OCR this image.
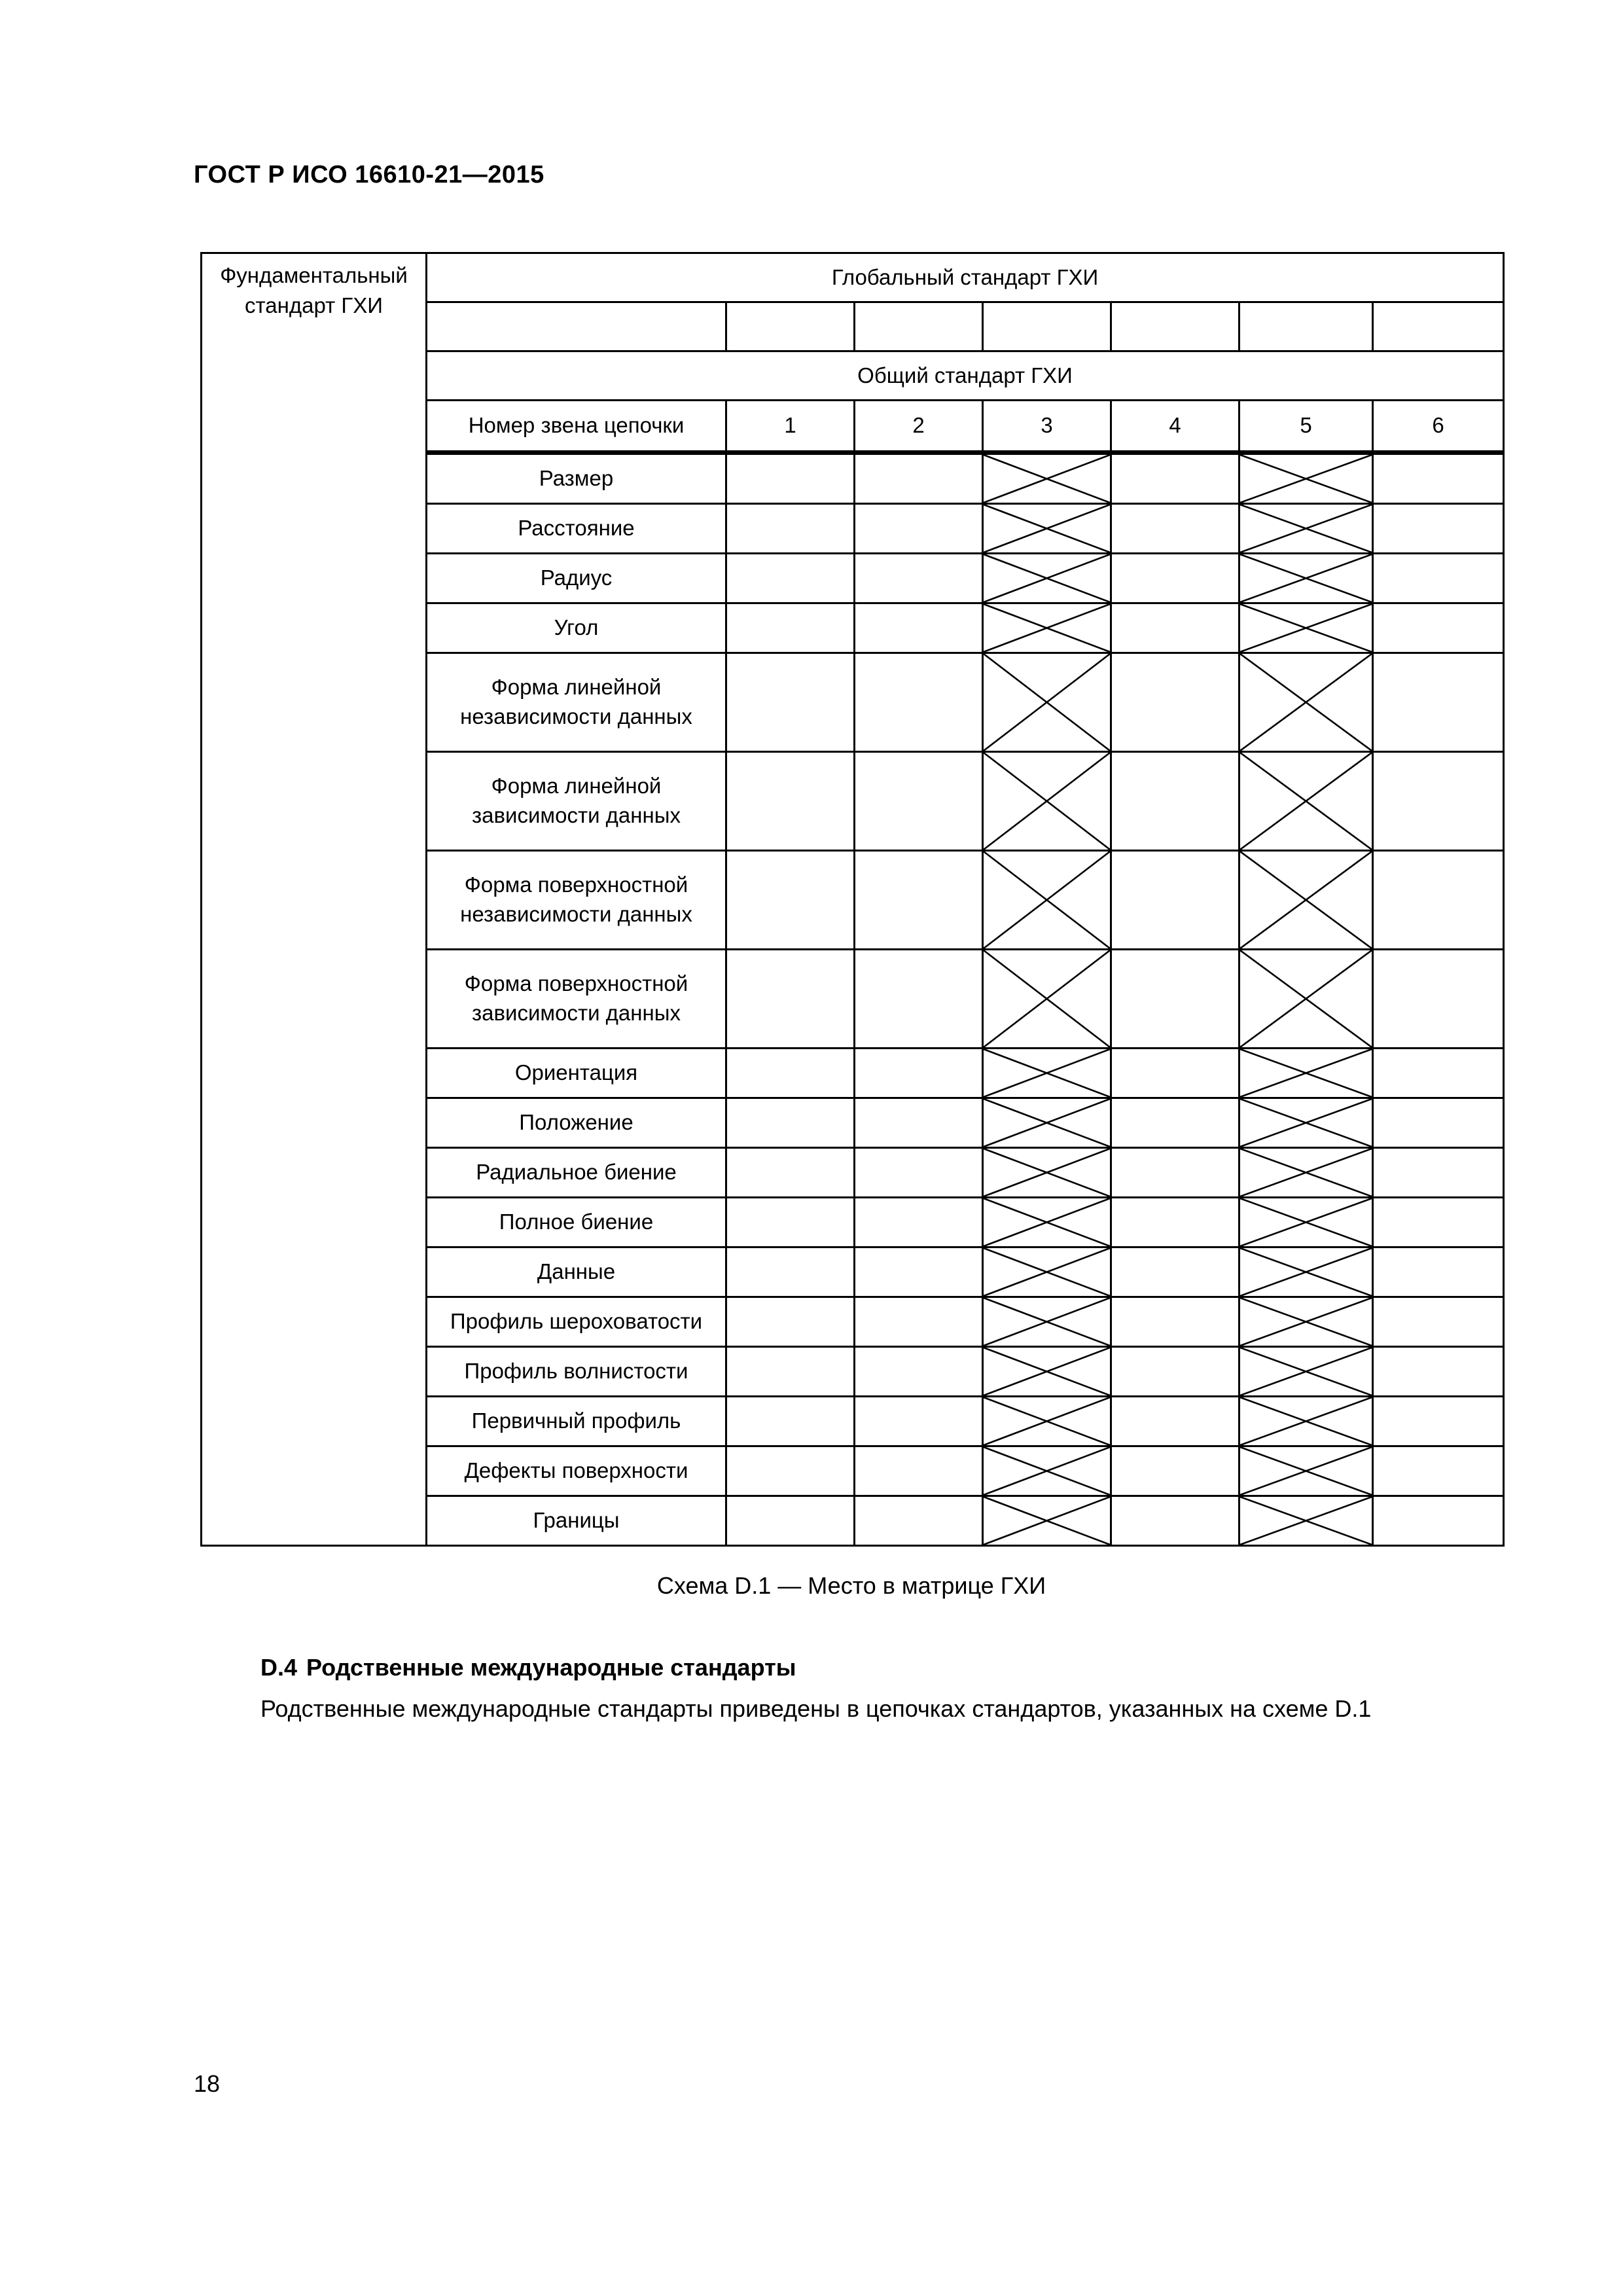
ГОСТ Р ИСО 16610-21—2015
Фундаментальный стандарт ГХИ	Глобальный стандарт ГХИ						

	Общий стандарт ГХИ						
	Номер звена цепочки	1	2	3	4	5	6
	Размер			

	Расстояние			

	Радиус			

	Угол			

	Форма линейной независимости данных			

	Форма линейной зависимости данных			

	Форма поверхностной независимости данных			

	Форма поверхностной зависимости данных			

	Ориентация			

	Положение			

	Радиальное биение			

	Полное биение			

	Данные			

	Профиль шероховатости			

	Профиль волнистости			

	Первичный профиль			

	Дефекты поверхности			

	Границы			

Схема D.1 — Место в матрице ГХИ
D.4 Родственные международные стандарты
Родственные международные стандарты приведены в цепочках стандартов, указанных на схеме D.1
18
